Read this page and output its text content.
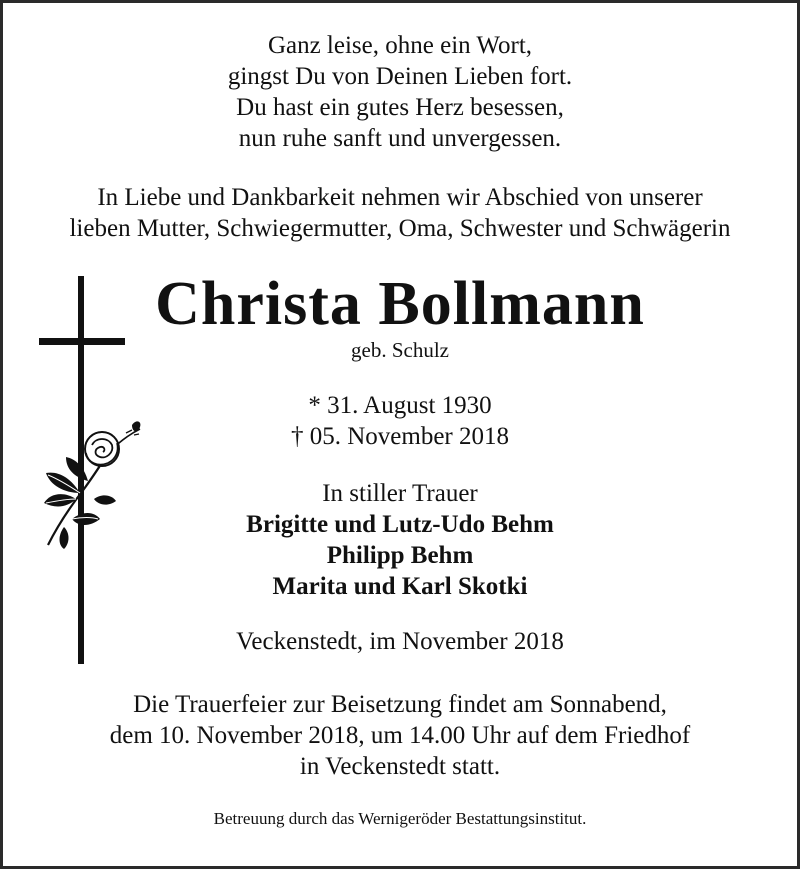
Ganz leise, ohne ein Wort,
gingst Du von Deinen Lieben fort.
Du hast ein gutes Herz besessen,
nun ruhe sanft und unvergessen.
In Liebe und Dankbarkeit nehmen wir Abschied von unserer
lieben Mutter, Schwiegermutter, Oma, Schwester und Schwägerin
Christa Bollmann
geb. Schulz
* 31. August 1930
† 05. November 2018
In stiller Trauer
Brigitte und Lutz-Udo Behm
Philipp Behm
Marita und Karl Skotki
Veckenstedt, im November 2018
Die Trauerfeier zur Beisetzung findet am Sonnabend,
dem 10. November 2018, um 14.00 Uhr auf dem Friedhof
in Veckenstedt statt.
Betreuung durch das Wernigeröder Bestattungsinstitut.
